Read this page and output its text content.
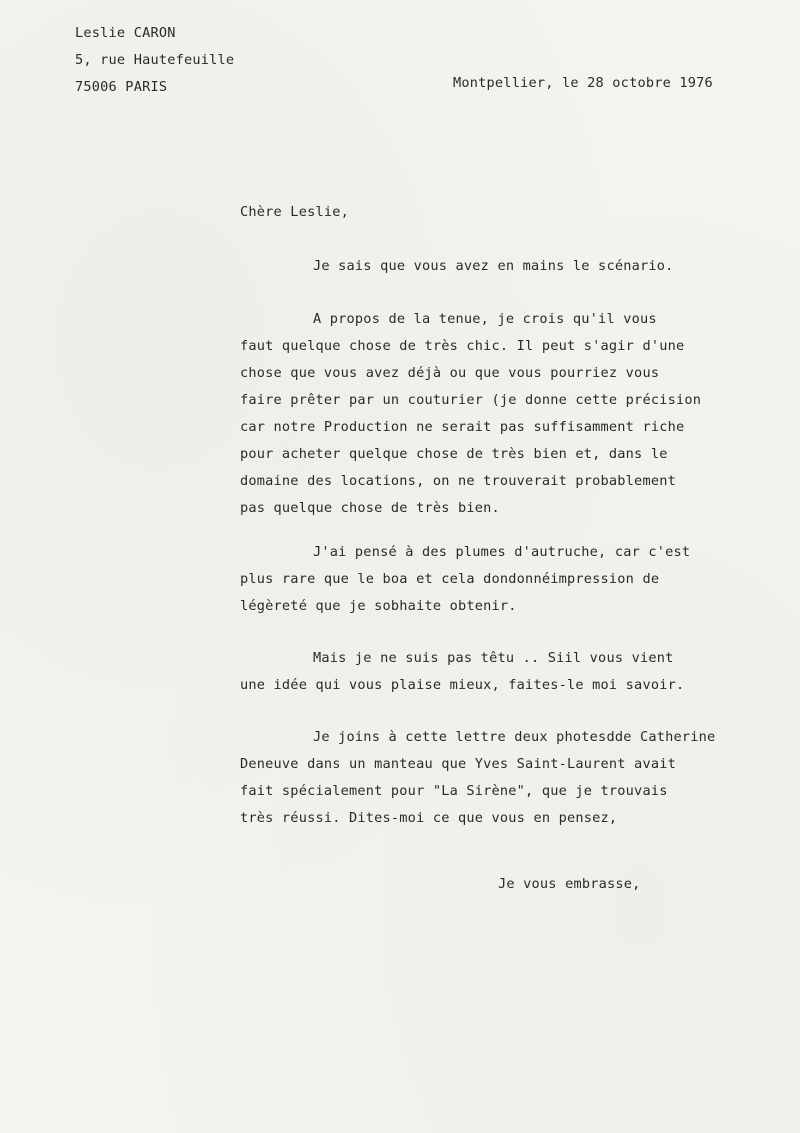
Leslie CARON

5, rue Hautefeuille

75006 PARIS	Montpellier, le 28 octobre 1976

Chère Leslie,

Je sais que vous avez en mains le scénario.

A propos de la tenue, je crois qu'il vous

faut quelque chose de très chic. Il peut s'agir d'une

chose que vous avez déjà ou que vous pourriez vous

faire prêter par un couturier (je donne cette précision

car notre Production ne serait pas suffisamment riche

pour acheter quelque chose de très bien et, dans le

domaine des locations, on ne trouverait probablement

pas quelque chose de très bien.

J'ai pensé à des plumes d'autruche, car c'est

plus rare que le boa et cela dondonnéimpression de

légèreté que je sobhaite obtenir.

Mais je ne suis pas têtu .. Siil vous vient

une idée qui vous plaise mieux, faites-le moi savoir.

Je joins à cette lettre deux photesdde Catherine

Deneuve dans un manteau que Yves Saint-Laurent avait

fait spécialement pour "La Sirène", que je trouvais

très réussi. Dites-moi ce que vous en pensez,

Je vous embrasse,
